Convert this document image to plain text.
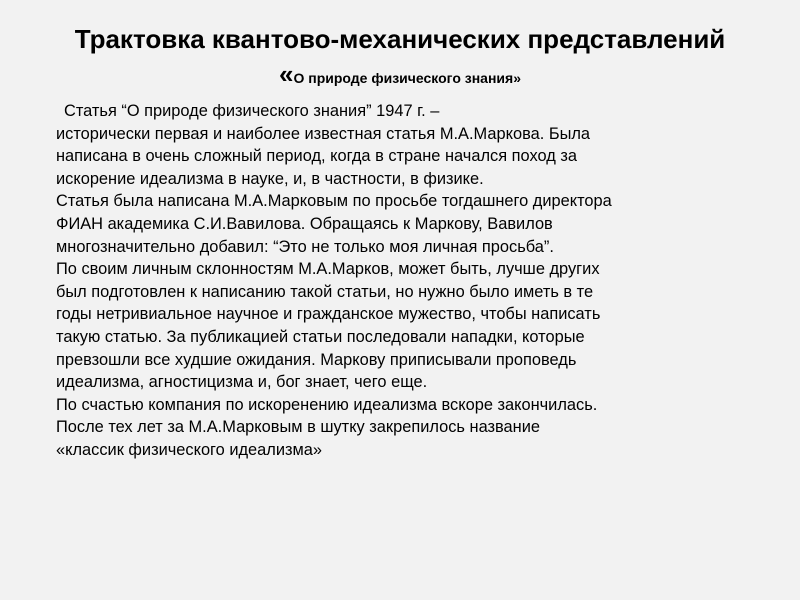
Трактовка квантово-механических представлений
«О природе физического знания»
Статья “О природе физического знания” 1947 г. –
исторически первая и наиболее известная статья М.А.Маркова. Была
написана в очень сложный период, когда в стране начался поход за
искорение идеализма в науке, и, в частности, в физике.
Статья была написана М.А.Марковым по просьбе тогдашнего директора
ФИАН академика С.И.Вавилова. Обращаясь к Маркову, Вавилов
многозначительно добавил: “Это не только моя личная просьба”.
По своим личным склонностям М.А.Марков, может быть, лучше других
был подготовлен к написанию такой статьи, но нужно было иметь в те
годы нетривиальное научное и гражданское мужество, чтобы написать
такую статью. За публикацией статьи последовали нападки, которые
превзошли все худшие ожидания. Маркову приписывали проповедь
идеализма, агностицизма и, бог знает, чего еще.
По счастью компания по искоренению идеализма вскоре закончилась.
После тех лет за М.А.Марковым в шутку закрепилось название
«классик физического идеализма»
